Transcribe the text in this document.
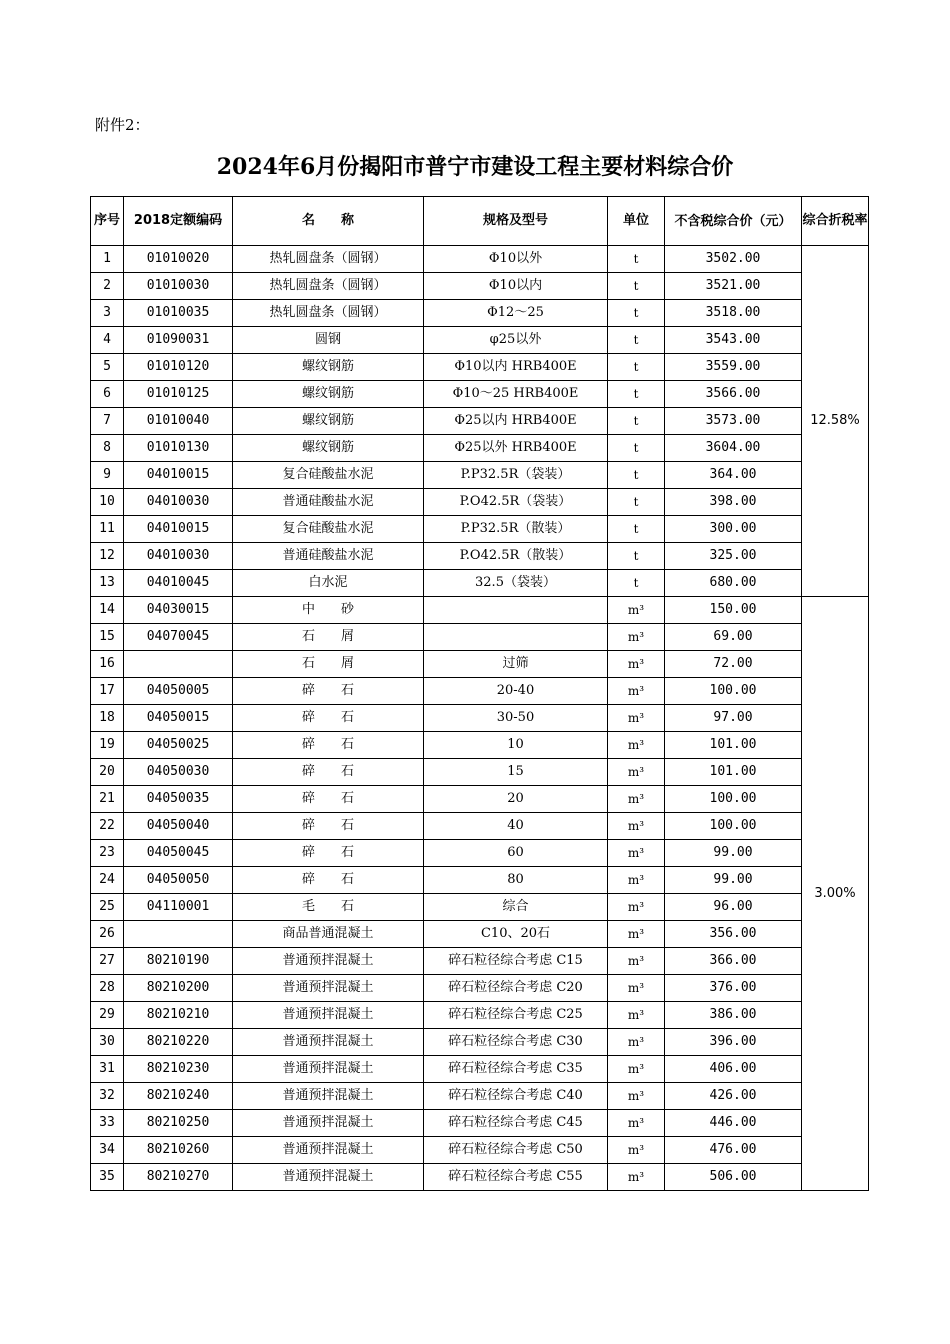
附件2：
2024年6月份揭阳市普宁市建设工程主要材料综合价
序号	2018定额编码	名　　称	规格及型号	单位	不含税综合价（元）	综合折税率
1	01010020	热轧圆盘条（圆钢）	Φ10以外	t	3502.00	12.58%
2	01010030	热轧圆盘条（圆钢）	Φ10以内	t	3521.00	
3	01010035	热轧圆盘条（圆钢）	Φ12～25	t	3518.00	
4	01090031	圆钢	φ25以外	t	3543.00	
5	01010120	螺纹钢筋	Φ10以内 HRB400E	t	3559.00	
6	01010125	螺纹钢筋	Φ10～25 HRB400E	t	3566.00	
7	01010040	螺纹钢筋	Φ25以内 HRB400E	t	3573.00	
8	01010130	螺纹钢筋	Φ25以外 HRB400E	t	3604.00	
9	04010015	复合硅酸盐水泥	P.P32.5R（袋装）	t	364.00	
10	04010030	普通硅酸盐水泥	P.O42.5R（袋装）	t	398.00	
11	04010015	复合硅酸盐水泥	P.P32.5R（散装）	t	300.00	
12	04010030	普通硅酸盐水泥	P.O42.5R（散装）	t	325.00	
13	04010045	白水泥	32.5（袋装）	t	680.00	
14	04030015	中　　砂		m³	150.00	3.00%
15	04070045	石　　屑		m³	69.00	
16		石　　屑	过筛	m³	72.00	
17	04050005	碎　　石	20-40	m³	100.00	
18	04050015	碎　　石	30-50	m³	97.00	
19	04050025	碎　　石	10	m³	101.00	
20	04050030	碎　　石	15	m³	101.00	
21	04050035	碎　　石	20	m³	100.00	
22	04050040	碎　　石	40	m³	100.00	
23	04050045	碎　　石	60	m³	99.00	
24	04050050	碎　　石	80	m³	99.00	
25	04110001	毛　　石	综合	m³	96.00	
26		商品普通混凝土	C10、20石	m³	356.00	
27	80210190	普通预拌混凝土	碎石粒径综合考虑 C15	m³	366.00	
28	80210200	普通预拌混凝土	碎石粒径综合考虑 C20	m³	376.00	
29	80210210	普通预拌混凝土	碎石粒径综合考虑 C25	m³	386.00	
30	80210220	普通预拌混凝土	碎石粒径综合考虑 C30	m³	396.00	
31	80210230	普通预拌混凝土	碎石粒径综合考虑 C35	m³	406.00	
32	80210240	普通预拌混凝土	碎石粒径综合考虑 C40	m³	426.00	
33	80210250	普通预拌混凝土	碎石粒径综合考虑 C45	m³	446.00	
34	80210260	普通预拌混凝土	碎石粒径综合考虑 C50	m³	476.00	
35	80210270	普通预拌混凝土	碎石粒径综合考虑 C55	m³	506.00	
